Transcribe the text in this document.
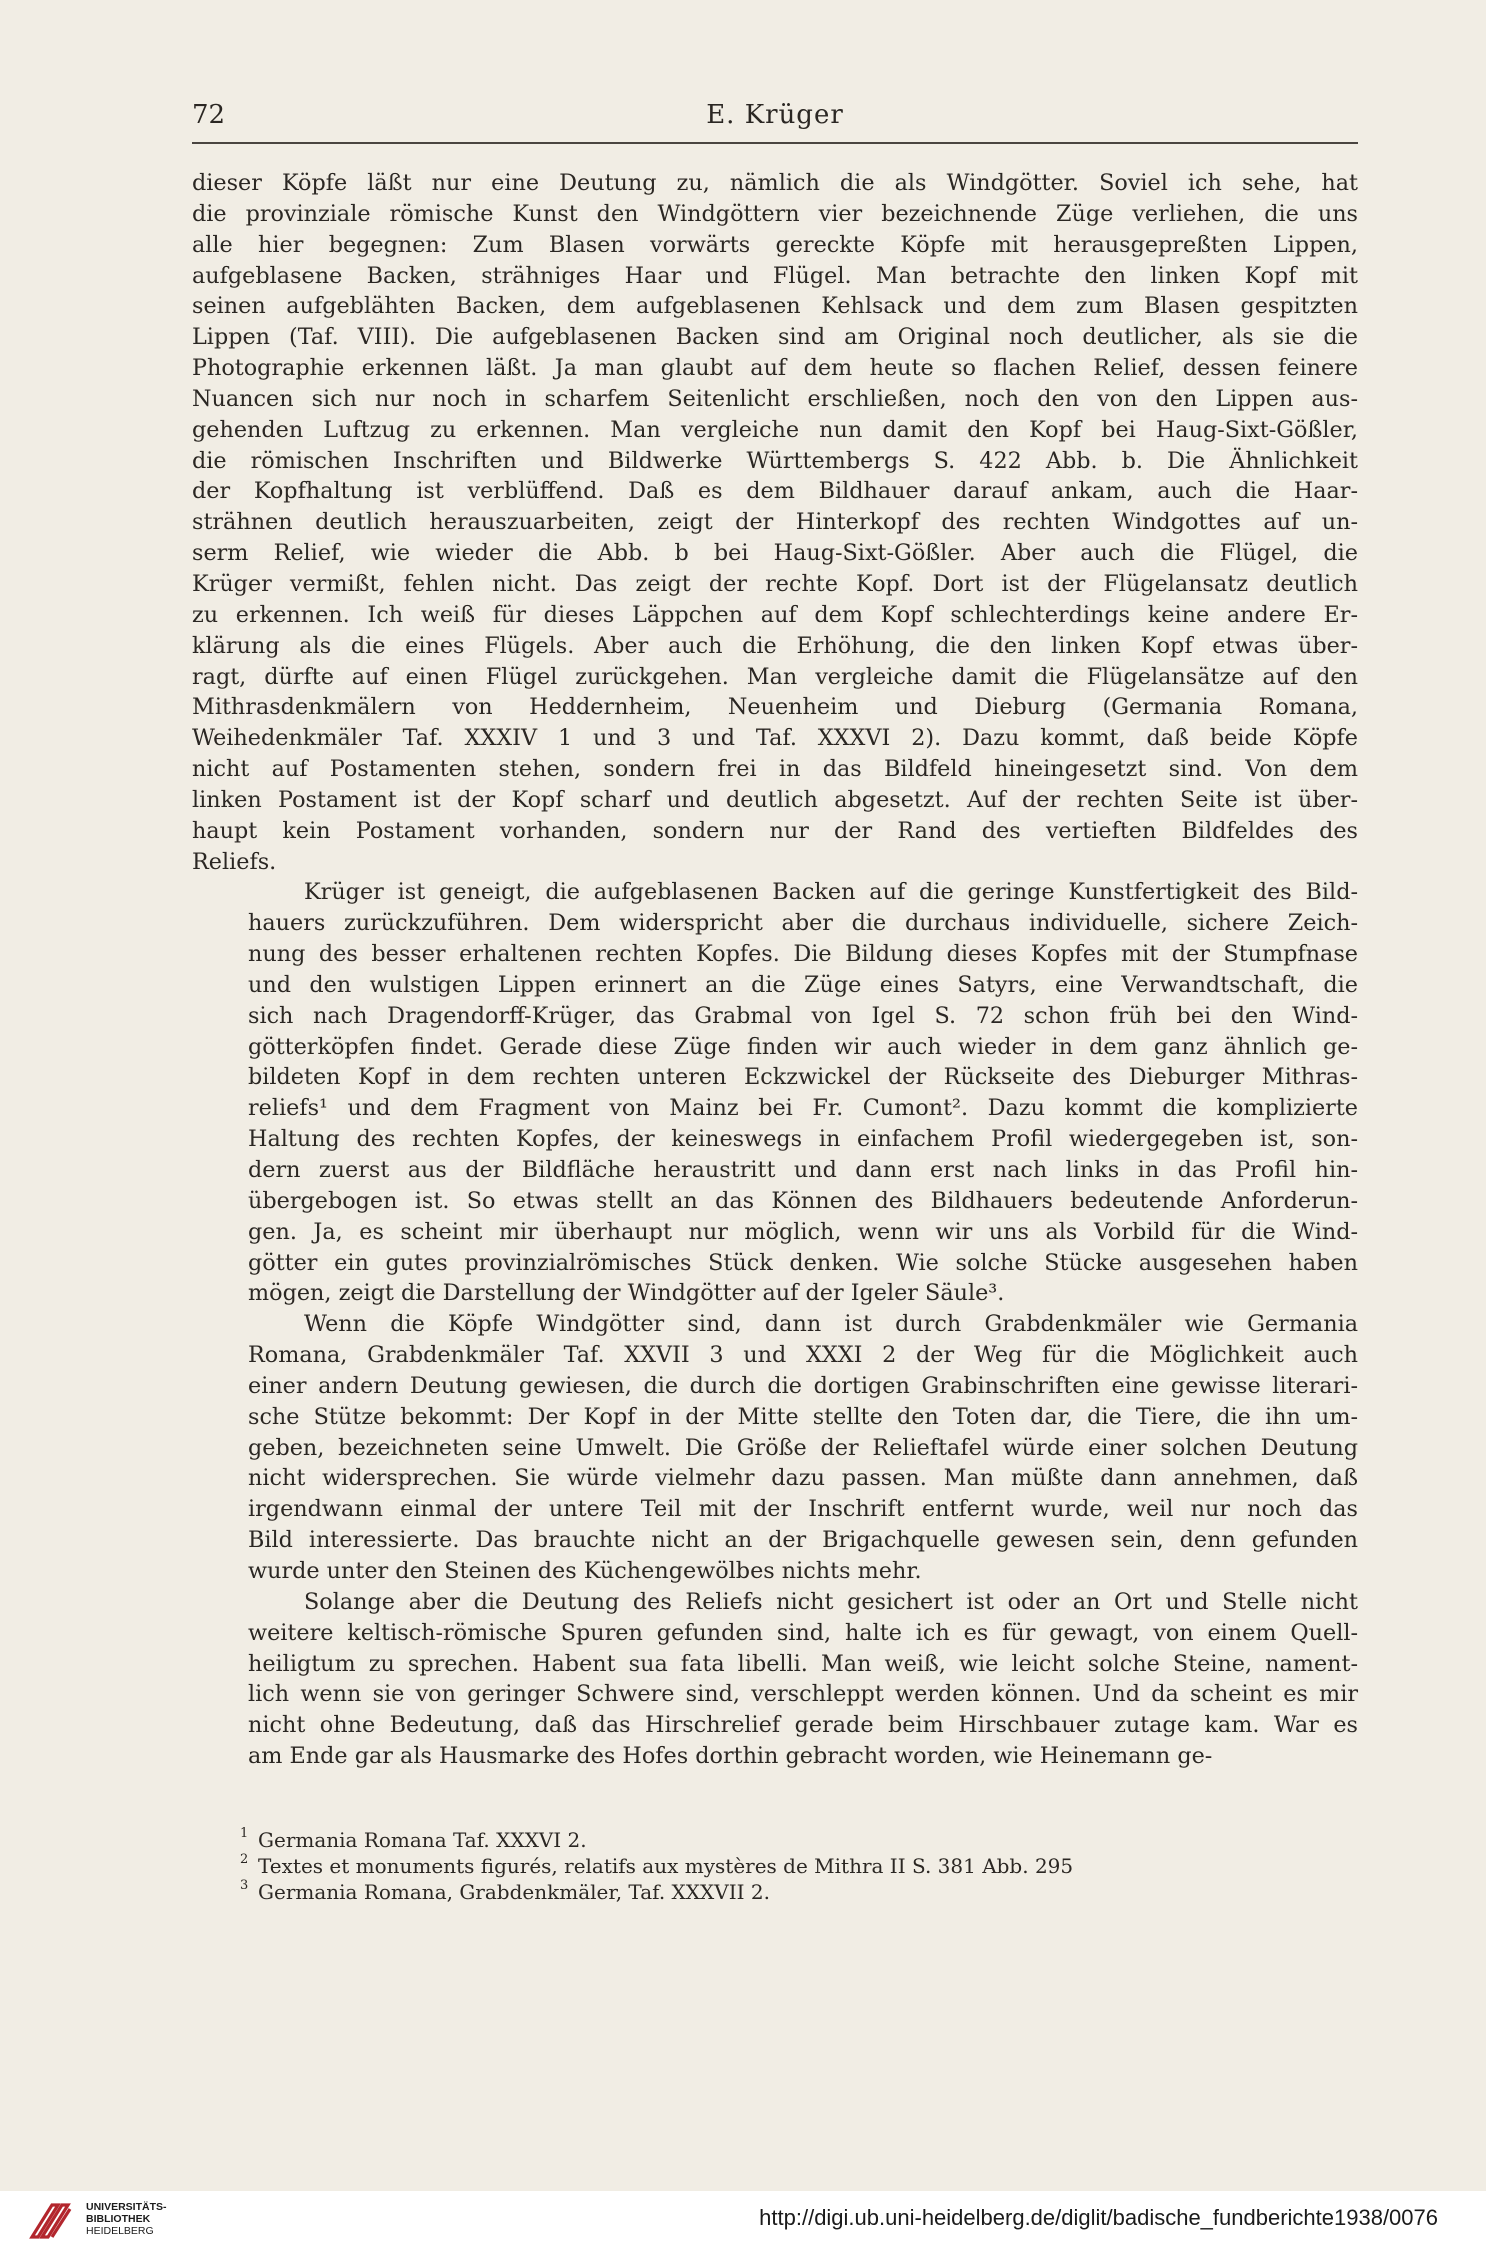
72	E. Krüger

dieser Köpfe läßt nur eine Deutung zu, nämlich die als Windgötter. Soviel ich sehe, hat
die provinziale römische Kunst den Windgöttern vier bezeichnende Züge verliehen, die uns
alle hier begegnen: Zum Blasen vorwärts gereckte Köpfe mit herausgepreßten Lippen,
aufgeblasene Backen, strähniges Haar und Flügel. Man betrachte den linken Kopf mit
seinen aufgeblähten Backen, dem aufgeblasenen Kehlsack und dem zum Blasen gespitzten
Lippen (Taf. VIII). Die aufgeblasenen Backen sind am Original noch deutlicher, als sie die
Photographie erkennen läßt. Ja man glaubt auf dem heute so flachen Relief, dessen feinere
Nuancen sich nur noch in scharfem Seitenlicht erschließen, noch den von den Lippen aus-
gehenden Luftzug zu erkennen. Man vergleiche nun damit den Kopf bei Haug-Sixt-Gößler,
die römischen Inschriften und Bildwerke Württembergs S. 422 Abb. b. Die Ähnlichkeit
der Kopfhaltung ist verblüffend. Daß es dem Bildhauer darauf ankam, auch die Haar-
strähnen deutlich herauszuarbeiten, zeigt der Hinterkopf des rechten Windgottes auf un-
serm Relief, wie wieder die Abb. b bei Haug-Sixt-Gößler. Aber auch die Flügel, die
Krüger vermißt, fehlen nicht. Das zeigt der rechte Kopf. Dort ist der Flügelansatz deutlich
zu erkennen. Ich weiß für dieses Läppchen auf dem Kopf schlechterdings keine andere Er-
klärung als die eines Flügels. Aber auch die Erhöhung, die den linken Kopf etwas über-
ragt, dürfte auf einen Flügel zurückgehen. Man vergleiche damit die Flügelansätze auf den
Mithrasdenkmälern von Heddernheim, Neuenheim und Dieburg (Germania Romana,
Weihedenkmäler Taf. XXXIV 1 und 3 und Taf. XXXVI 2). Dazu kommt, daß beide Köpfe
nicht auf Postamenten stehen, sondern frei in das Bildfeld hineingesetzt sind. Von dem
linken Postament ist der Kopf scharf und deutlich abgesetzt. Auf der rechten Seite ist über-
haupt kein Postament vorhanden, sondern nur der Rand des vertieften Bildfeldes des
Reliefs.

Krüger ist geneigt, die aufgeblasenen Backen auf die geringe Kunstfertigkeit des Bild-
hauers zurückzuführen. Dem widerspricht aber die durchaus individuelle, sichere Zeich-
nung des besser erhaltenen rechten Kopfes. Die Bildung dieses Kopfes mit der Stumpfnase
und den wulstigen Lippen erinnert an die Züge eines Satyrs, eine Verwandtschaft, die
sich nach Dragendorff-Krüger, das Grabmal von Igel S. 72 schon früh bei den Wind-
götterköpfen findet. Gerade diese Züge finden wir auch wieder in dem ganz ähnlich ge-
bildeten Kopf in dem rechten unteren Eckzwickel der Rückseite des Dieburger Mithras-
reliefs¹ und dem Fragment von Mainz bei Fr. Cumont². Dazu kommt die komplizierte
Haltung des rechten Kopfes, der keineswegs in einfachem Profil wiedergegeben ist, son-
dern zuerst aus der Bildfläche heraustritt und dann erst nach links in das Profil hin-
übergebogen ist. So etwas stellt an das Können des Bildhauers bedeutende Anforderun-
gen. Ja, es scheint mir überhaupt nur möglich, wenn wir uns als Vorbild für die Wind-
götter ein gutes provinzialrömisches Stück denken. Wie solche Stücke ausgesehen haben
mögen, zeigt die Darstellung der Windgötter auf der Igeler Säule³.

Wenn die Köpfe Windgötter sind, dann ist durch Grabdenkmäler wie Germania
Romana, Grabdenkmäler Taf. XXVII 3 und XXXI 2 der Weg für die Möglichkeit auch
einer andern Deutung gewiesen, die durch die dortigen Grabinschriften eine gewisse literari-
sche Stütze bekommt: Der Kopf in der Mitte stellte den Toten dar, die Tiere, die ihn um-
geben, bezeichneten seine Umwelt. Die Größe der Relieftafel würde einer solchen Deutung
nicht widersprechen. Sie würde vielmehr dazu passen. Man müßte dann annehmen, daß
irgendwann einmal der untere Teil mit der Inschrift entfernt wurde, weil nur noch das
Bild interessierte. Das brauchte nicht an der Brigachquelle gewesen sein, denn gefunden
wurde unter den Steinen des Küchengewölbes nichts mehr.

Solange aber die Deutung des Reliefs nicht gesichert ist oder an Ort und Stelle nicht
weitere keltisch-römische Spuren gefunden sind, halte ich es für gewagt, von einem Quell-
heiligtum zu sprechen. Habent sua fata libelli. Man weiß, wie leicht solche Steine, nament-
lich wenn sie von geringer Schwere sind, verschleppt werden können. Und da scheint es mir
nicht ohne Bedeutung, daß das Hirschrelief gerade beim Hirschbauer zutage kam. War es
am Ende gar als Hausmarke des Hofes dorthin gebracht worden, wie Heinemann ge-

1 Germania Romana Taf. XXXVI 2.
2 Textes et monuments figurés, relatifs aux mystères de Mithra II S. 381 Abb. 295
3 Germania Romana, Grabdenkmäler, Taf. XXXVII 2.
UNIVERSITÄTS-
BIBLIOTHEK
HEIDELBERG
http://digi.ub.uni-heidelberg.de/diglit/badische_fundberichte1938/0076
